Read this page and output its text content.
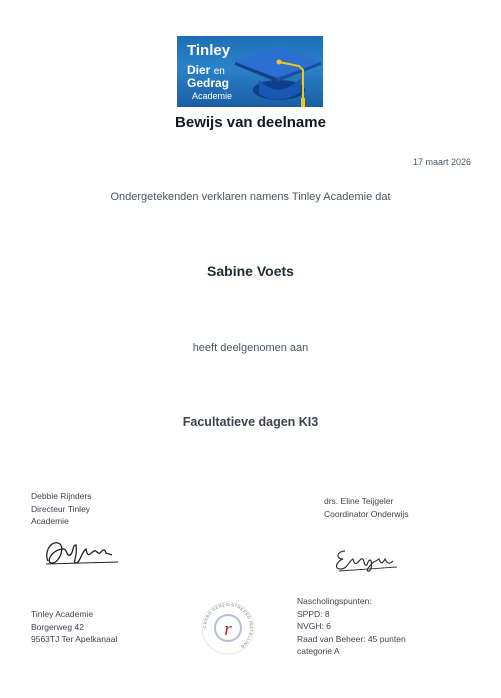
Tinley
Dier en
Gedrag
Academie
Bewijs van deelname
17 maart 2026
Ondergetekenden verklaren namens Tinley Academie dat
Sabine Voets
heeft deelgenomen aan
Facultatieve dagen KI3
Debbie Rijnders
Directeur Tinley
Academie
drs. Eline Teijgeler
Coordinator Onderwijs
Tinley Academie
Borgerweg 42
9563TJ Ter Apelkanaal
CRKBO GEREGISTREERD INSTELLING
r
Nascholingspunten:
SPPD: 8
NVGH: 6
Raad van Beheer: 45 punten
categorie A
